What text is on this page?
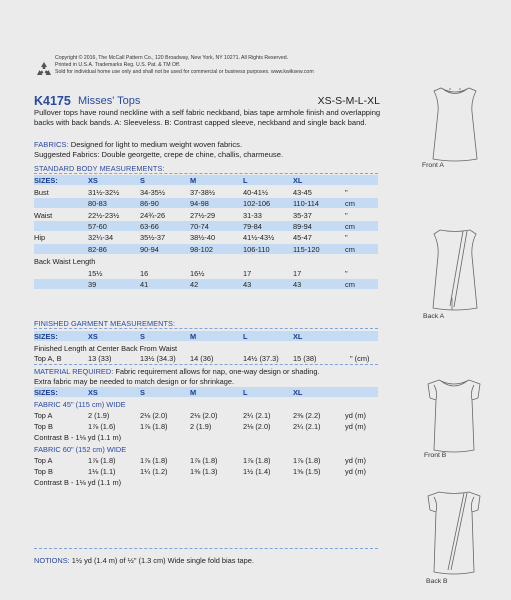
Copyright © 2016, The McCall Pattern Co., 120 Broadway, New York, NY 10271. All Rights Reserved.
Printed in U.S.A. Trademarks Reg. U.S. Pat. & TM Off.
Sold for individual home use only and shall not be used for commercial or business purposes. www.kwiksew.com
K4175 Misses' Tops	XS-S-M-L-XL
Pullover tops have round neckline with a self fabric neckband, bias tape armhole finish and overlapping backs with back bands. A: Sleeveless. B: Contrast capped sleeve, neckband and single back band.
FABRICS: Designed for light to medium weight woven fabrics.
Suggested Fabrics: Double georgette, crepe de chine, challis, charmeuse.
STANDARD BODY MEASUREMENTS:
SIZES:	XS	S	M	L	XL
Bust	31½-32½	34-35½	37-38½	40-41½	43-45	"
80-83	86-90	94-98	102-106	110-114	cm
Waist	22½-23½	24¾-26	27½-29	31-33	35-37	"
57-60	63-66	70-74	79-84	89-94	cm
Hip	32¼-34	35½-37	38½-40	41½-43½	45-47	"
82-86	90-94	98-102	106-110	115-120	cm
Back Waist Length
15½	16	16½	17	17	"
39	41	42	43	43	cm
FINISHED GARMENT MEASUREMENTS:
SIZES:	XS	S	M	L	XL
Finished Length at Center Back From Waist
Top A, B	13 (33)	13½ (34.3) 14 (36)	14½ (37.3) 15 (38)	" (cm)
MATERIAL REQUIRED: Fabric requirement allows for nap, one-way design or shading.
Extra fabric may be needed to match design or for shrinkage.
SIZES:	XS	S	M	L	XL
FABRIC 45" (115 cm) WIDE
Top A	2 (1.9)	2⅛ (2.0)	2⅛ (2.0)	2¼ (2.1)	2⅜ (2.2)	yd (m)
Top B	1⅞ (1.6)	1⅞ (1.8)	2 (1.9)	2⅛ (2.0)	2¼ (2.1)	yd (m)
Contrast B - 1⅛ yd (1.1 m)
FABRIC 60" (152 cm) WIDE
Top A	1⅞ (1.8)	1⅞ (1.8)	1⅞ (1.8)	1⅞ (1.8)	1⅞ (1.8)	yd (m)
Top B	1⅛ (1.1)	1¼ (1.2)	1⅜ (1.3)	1½ (1.4)	1⅝ (1.5)	yd (m)
Contrast B - 1⅛ yd (1.1 m)
NOTIONS: 1½ yd (1.4 m) of ½" (1.3 cm) Wide single fold bias tape.
Front A
Back A
Front B
Back B
